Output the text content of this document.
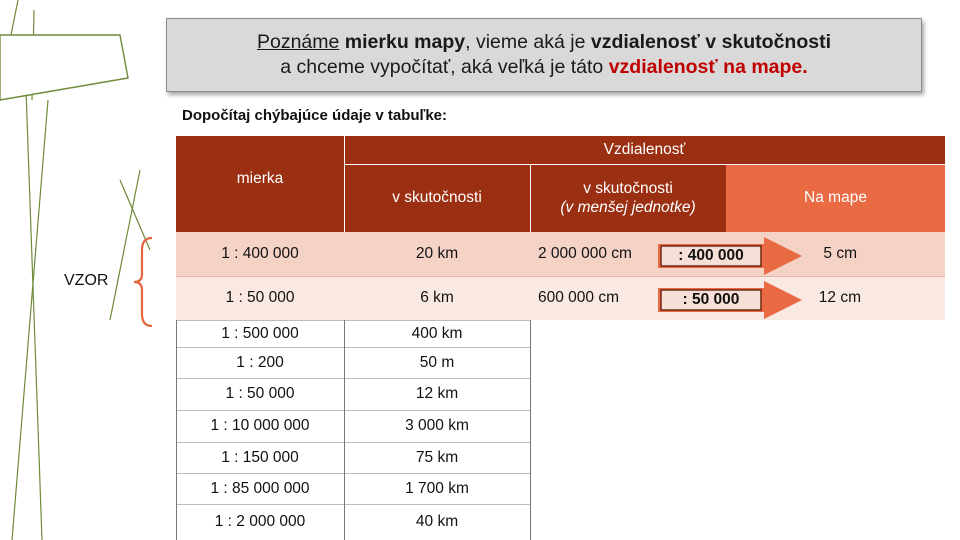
Poznáme mierku mapy, vieme aká je vzdialenosť v skutočnosti
a chceme vypočítať, aká veľká je táto vzdialenosť na mape.
Dopočítaj chýbajúce údaje v tabuľke:
VZOR
mierka
Vzdialenosť
v skutočnosti
v skutočnosti
(v menšej jednotke)
Na mape
1 : 400 000	20 km	2 000 000 cm	5 cm
1 : 50 000	6 km	600 000 cm	12 cm
: 400 000
: 50 000
1 : 500 000	400 km
1 : 200	50 m
1 : 50 000	12 km
1 : 10 000 000	3 000 km
1 : 150 000	75 km
1 : 85 000 000	1 700 km
1 : 2 000 000	40 km
